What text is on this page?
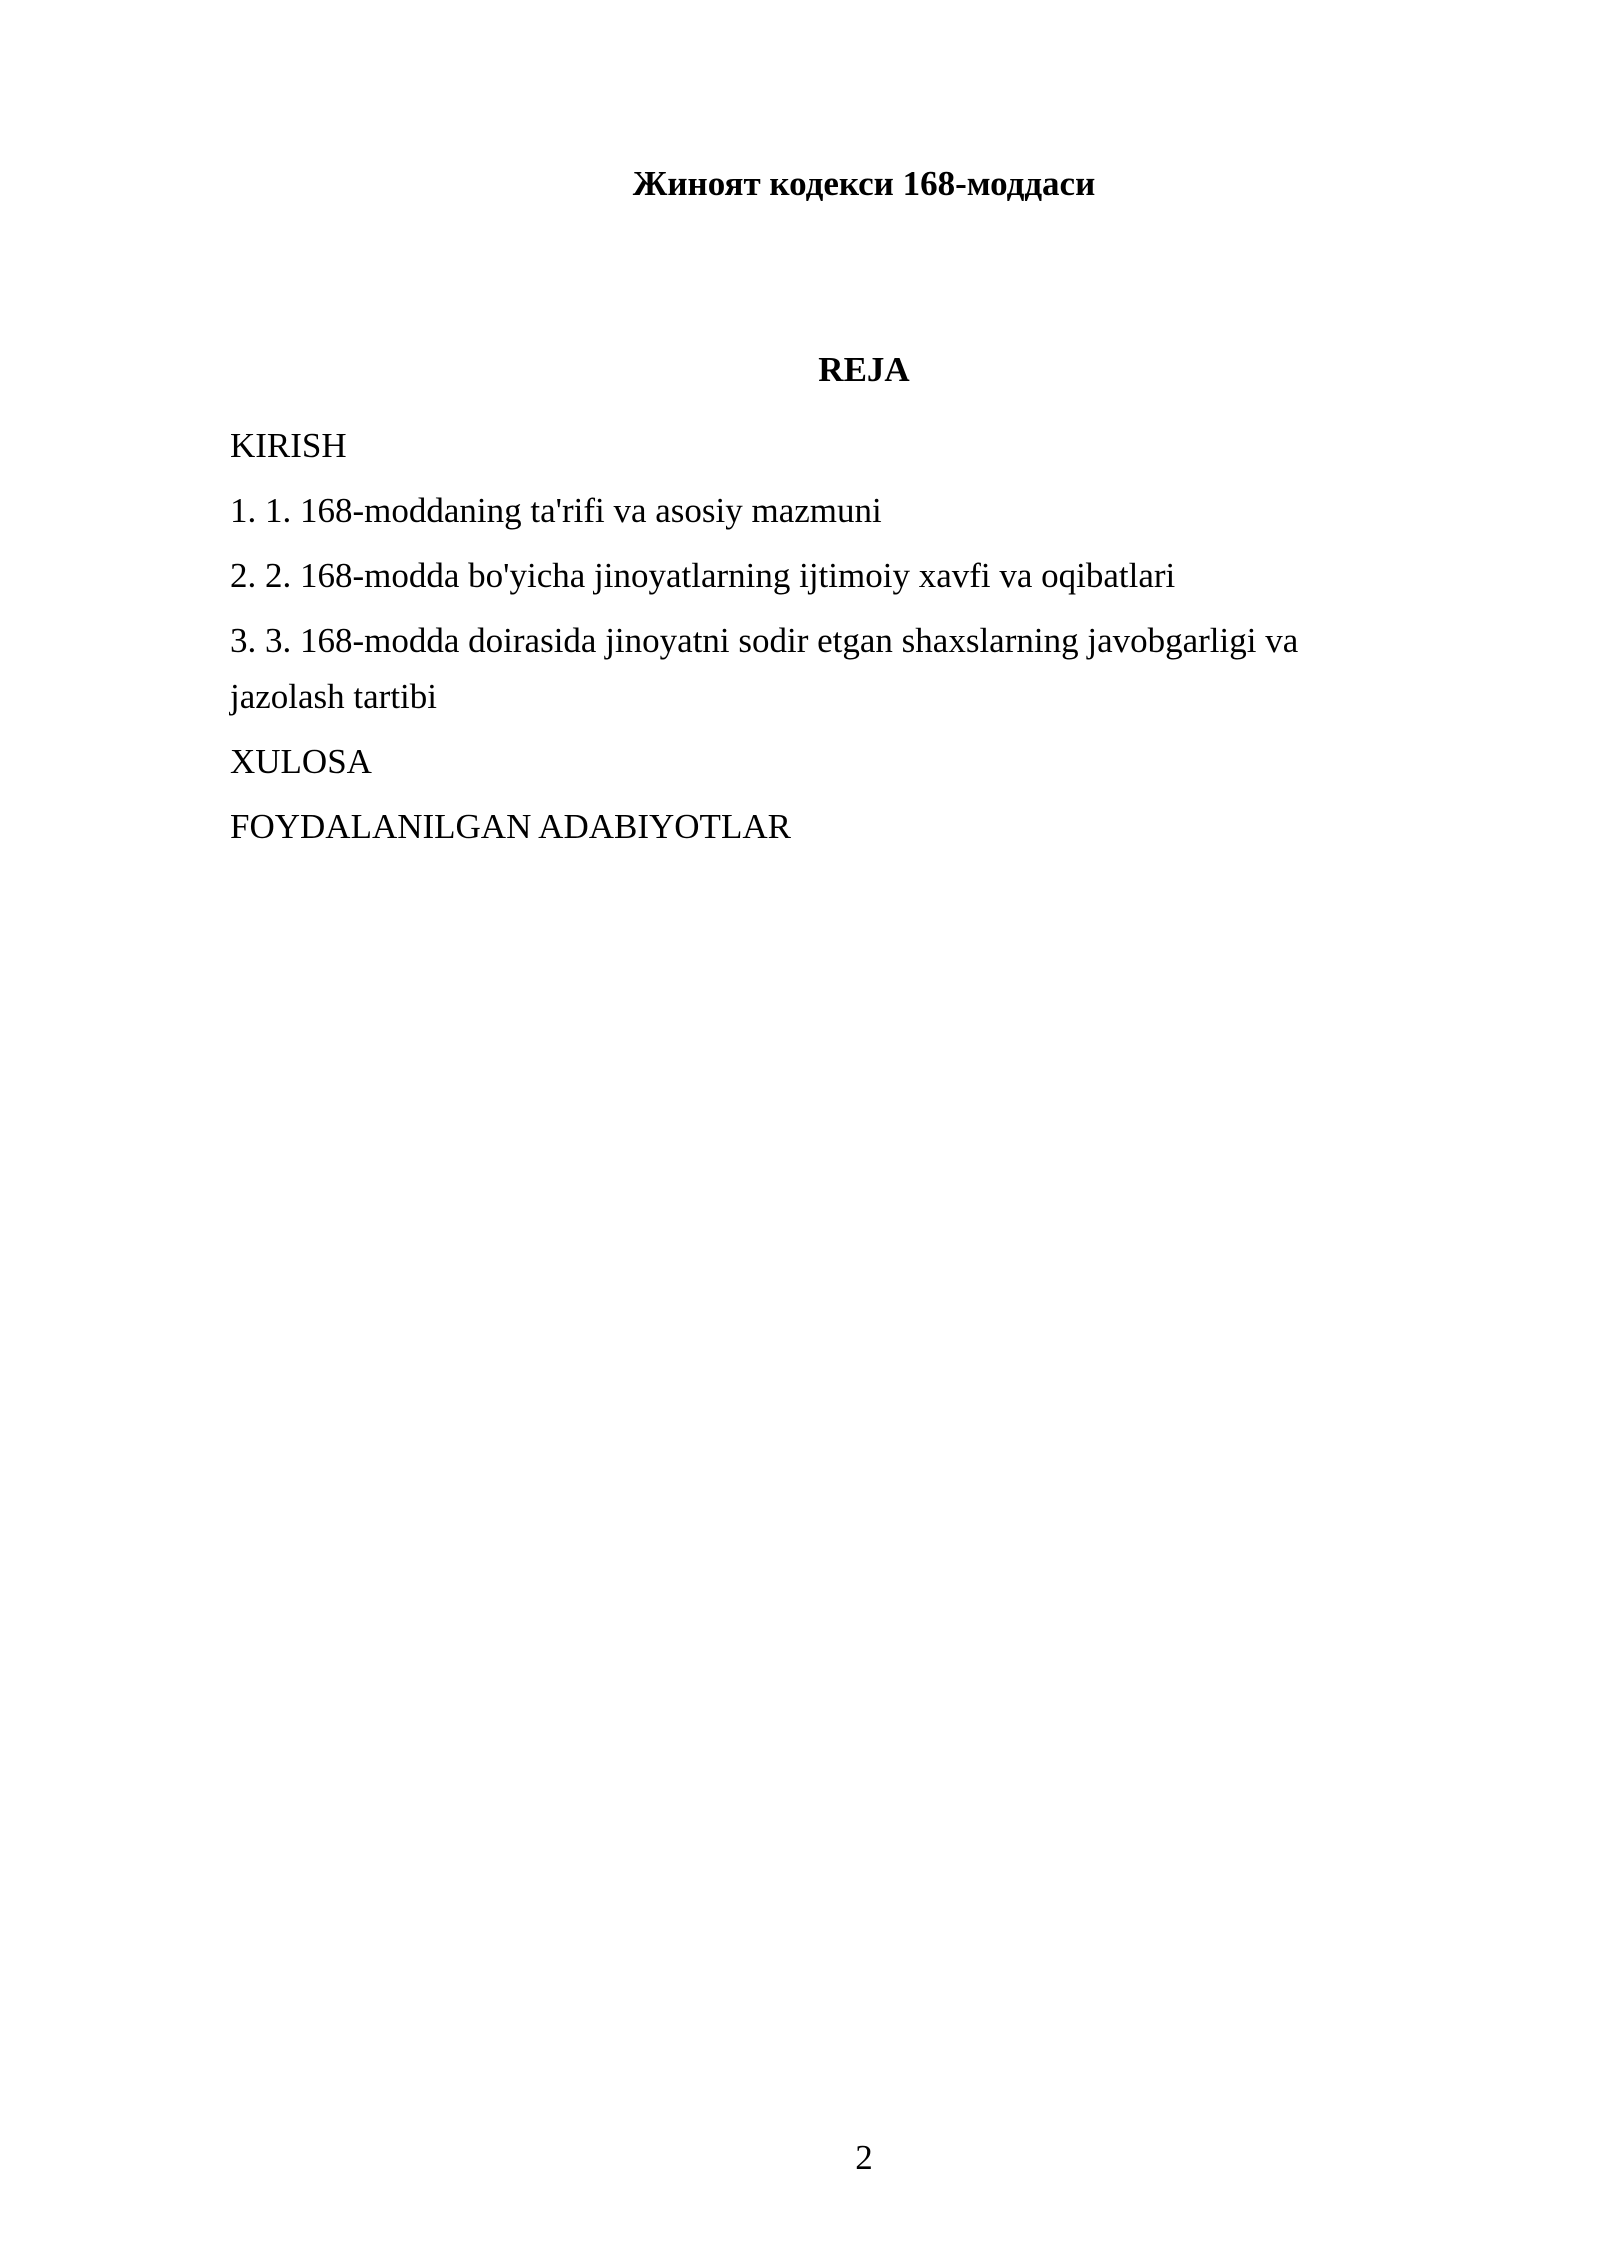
Жиноят кодекси 168-моддаси
REJA
KIRISH
1. 1. 168-moddaning ta'rifi va asosiy mazmuni
2. 2. 168-modda bo'yicha jinoyatlarning ijtimoiy xavfi va oqibatlari
3. 3. 168-modda doirasida jinoyatni sodir etgan shaxslarning javobgarligi va jazolash tartibi
XULOSA
FOYDALANILGAN ADABIYOTLAR
2
